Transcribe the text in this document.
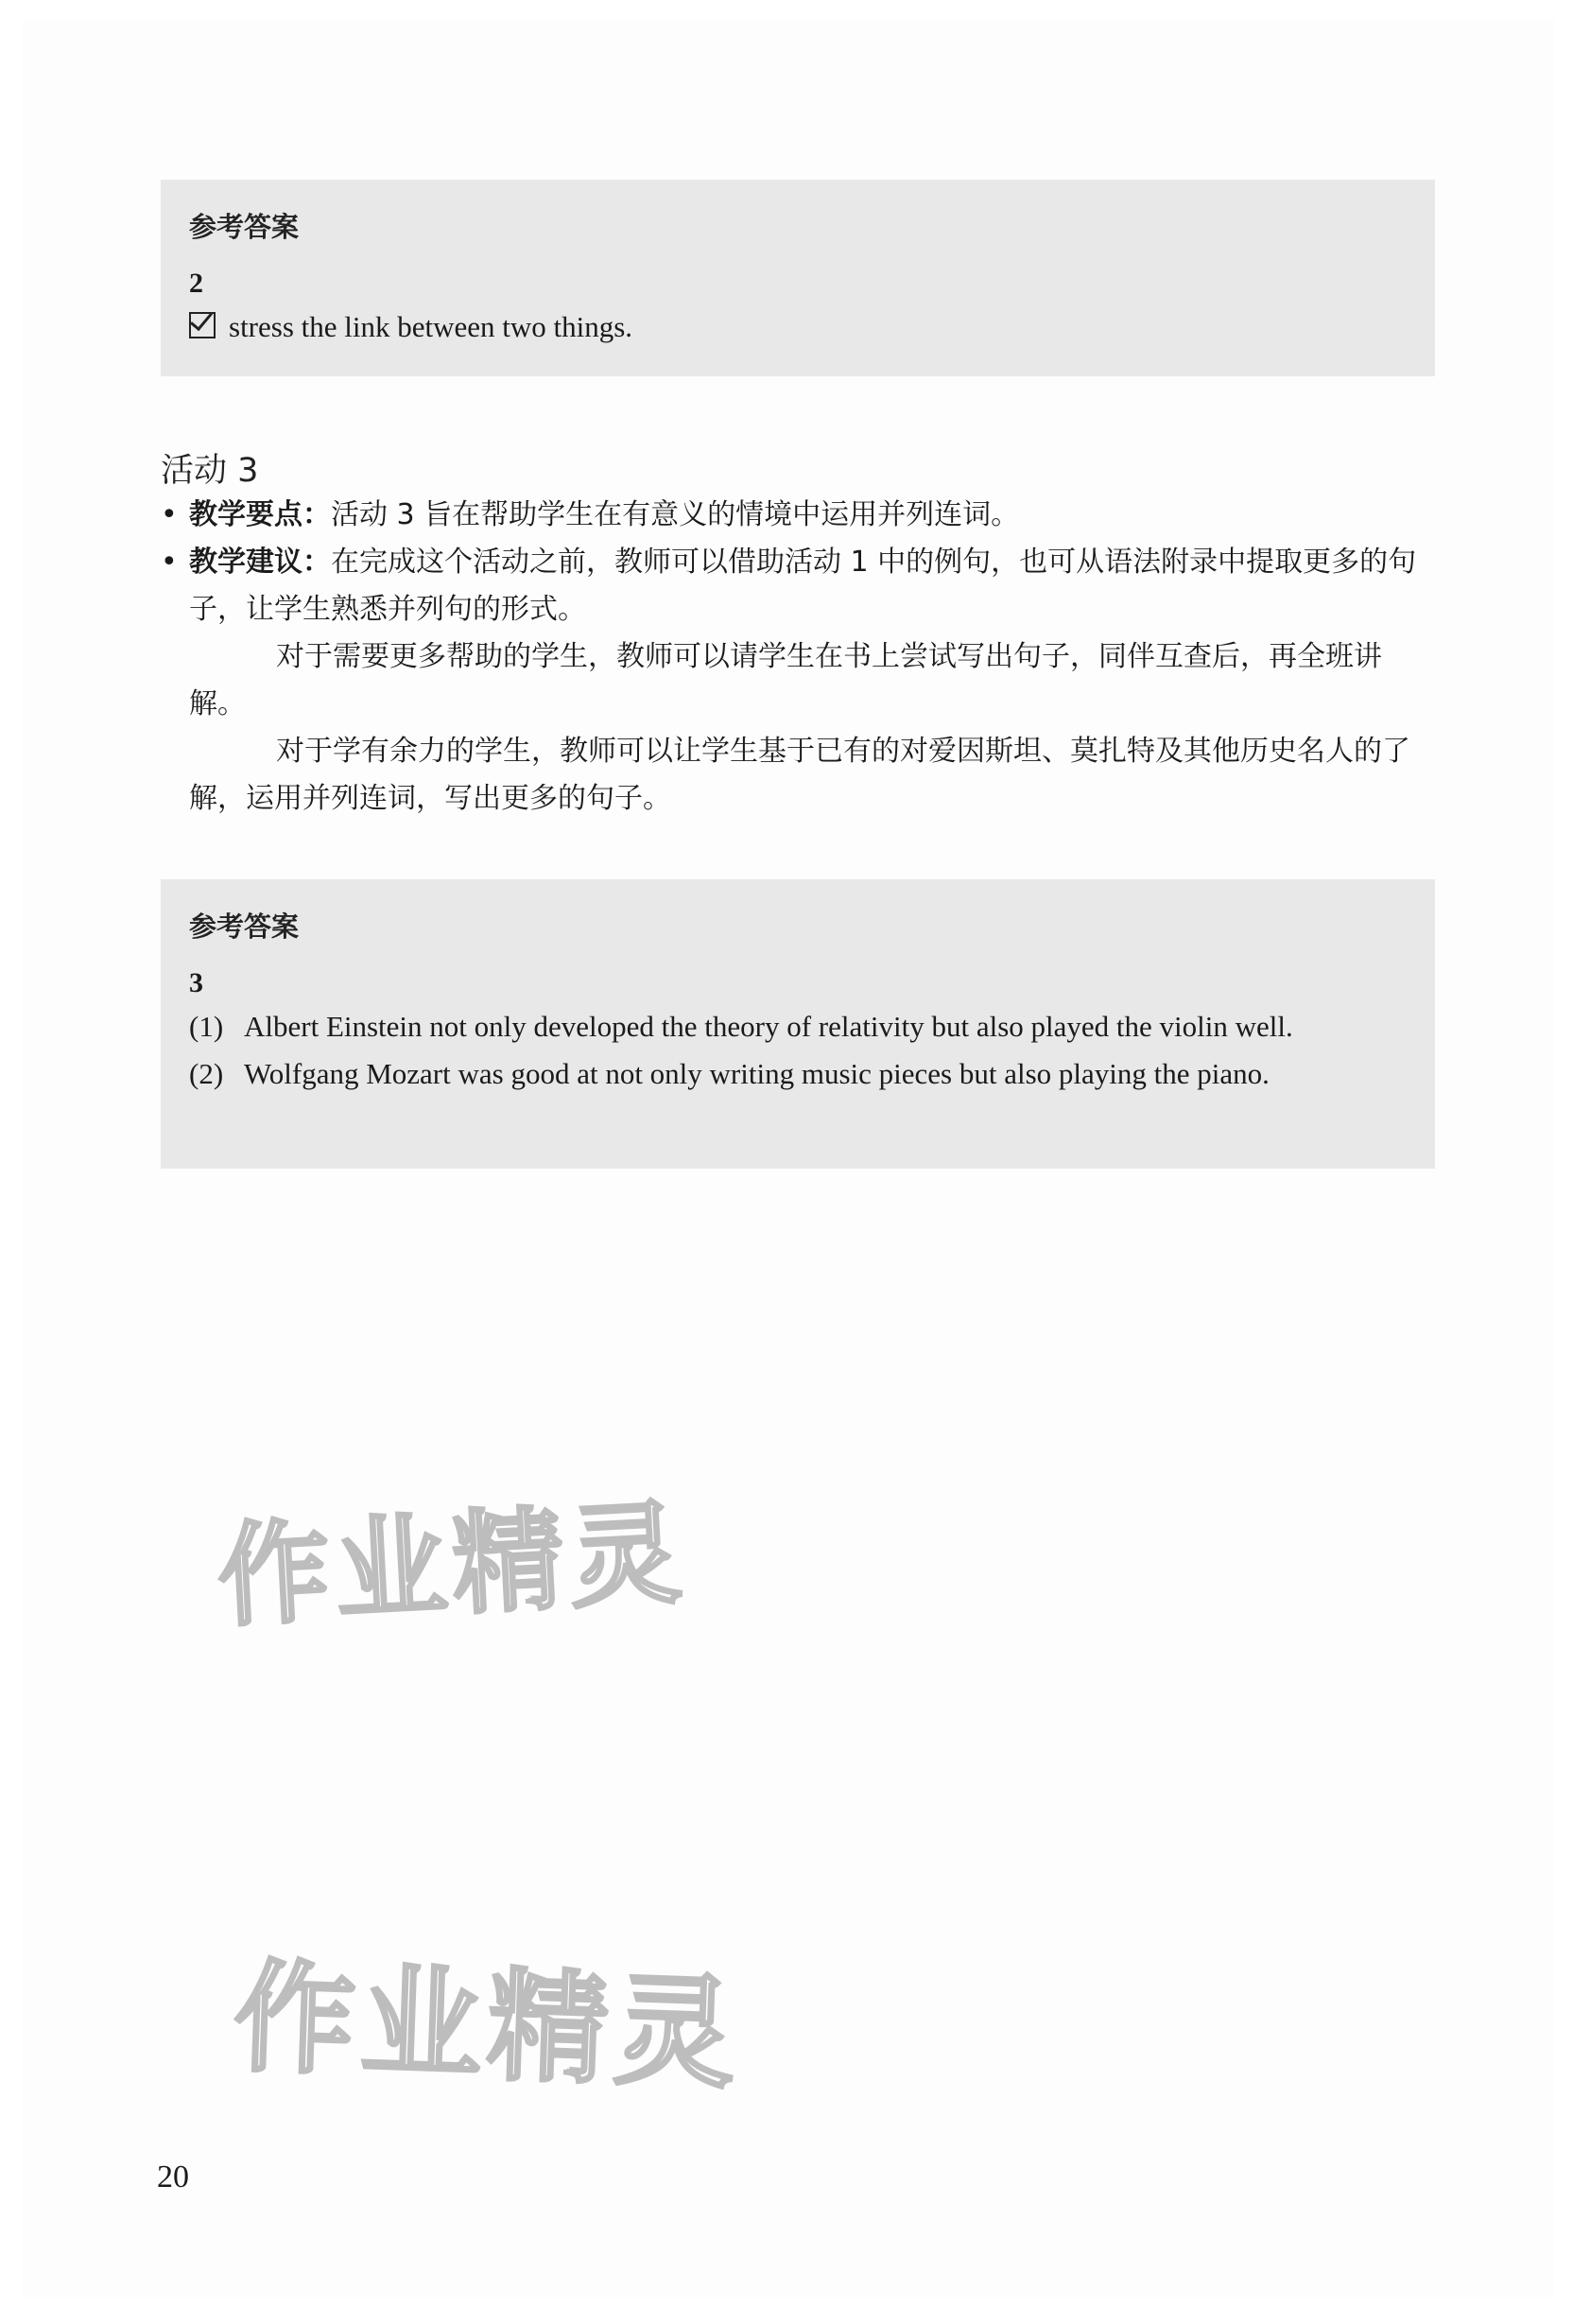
参考答案
2
stress the link between two things.
活动 3
• 教学要点：活动 3 旨在帮助学生在有意义的情境中运用并列连词。
• 教学建议：在完成这个活动之前，教师可以借助活动 1 中的例句，也可从语法附录中提取更多的句子，让学生熟悉并列句的形式。
对于需要更多帮助的学生，教师可以请学生在书上尝试写出句子，同伴互查后，再全班讲解。
对于学有余力的学生，教师可以让学生基于已有的对爱因斯坦、莫扎特及其他历史名人的了解，运用并列连词，写出更多的句子。
参考答案
3
(1) Albert Einstein not only developed the theory of relativity but also played the violin well.
(2) Wolfgang Mozart was good at not only writing music pieces but also playing the piano.
作业精灵
作业精灵
20
